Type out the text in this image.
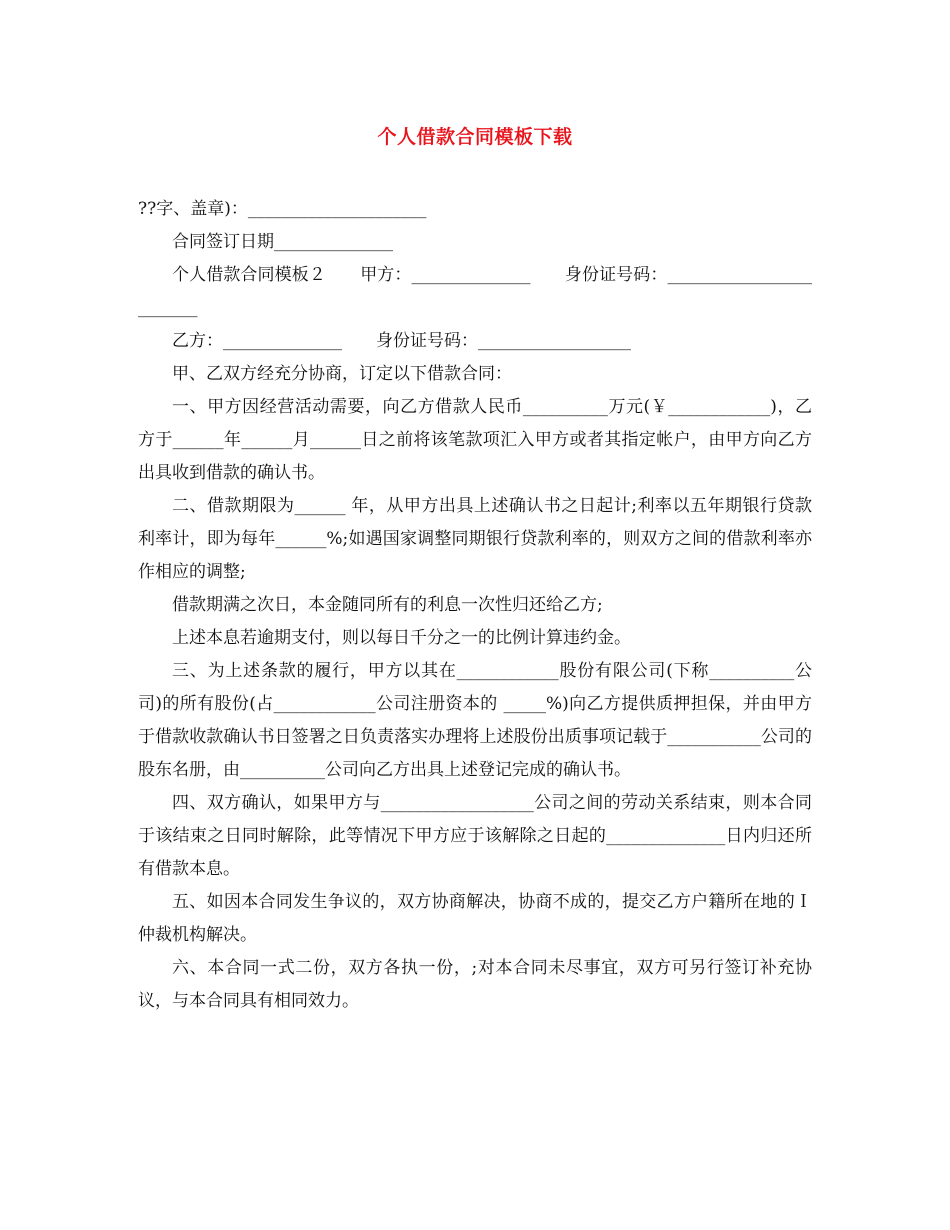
个人借款合同模板下载

??字、盖章)：_____________________

合同签订日期______________

个人借款合同模板２　　甲方：______________　　身份证号码：________________________

乙方：______________　　身份证号码：__________________

甲、乙双方经充分协商，订定以下借款合同：

一、甲方因经营活动需要，向乙方借款人民币__________万元(￥____________)，乙方于______年______月______日之前将该笔款项汇入甲方或者其指定帐户，由甲方向乙方出具收到借款的确认书。

二、借款期限为______ 年，从甲方出具上述确认书之日起计;利率以五年期银行贷款利率计，即为每年______%;如遇国家调整同期银行贷款利率的，则双方之间的借款利率亦作相应的调整;

借款期满之次日，本金随同所有的利息一次性归还给乙方;

上述本息若逾期支付，则以每日千分之一的比例计算违约金。

三、为上述条款的履行，甲方以其在____________股份有限公司(下称__________公司)的所有股份(占____________公司注册资本的 _____%)向乙方提供质押担保，并由甲方于借款收款确认书日签署之日负责落实办理将上述股份出质事项记载于___________公司的股东名册，由__________公司向乙方出具上述登记完成的确认书。

四、双方确认，如果甲方与__________________公司之间的劳动关系结束，则本合同于该结束之日同时解除，此等情况下甲方应于该解除之日起的______________日内归还所有借款本息。

五、如因本合同发生争议的，双方协商解决，协商不成的，提交乙方户籍所在地的Ｉ仲裁机构解决。

六、本合同一式二份，双方各执一份，;对本合同未尽事宜，双方可另行签订补充协议，与本合同具有相同效力。
